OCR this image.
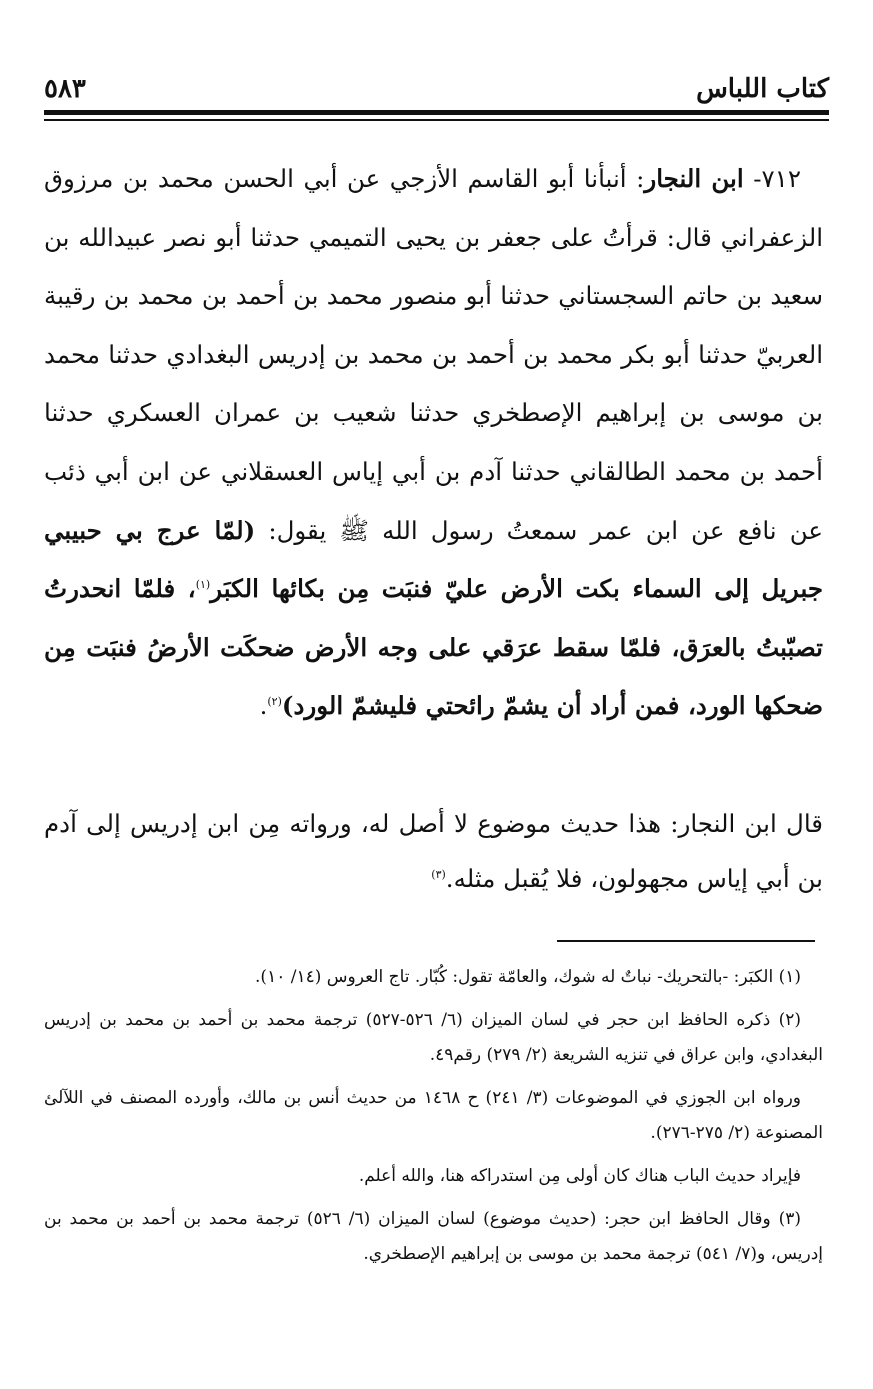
كتاب اللباس
٥٨٣

٧١٢- ابن النجار: أنبأنا أبو القاسم الأزجي عن أبي الحسن محمد بن مرزوق الزعفراني قال: قرأتُ على جعفر بن يحيى التميمي حدثنا أبو نصر عبيدالله بن سعيد بن حاتم السجستاني حدثنا أبو منصور محمد بن أحمد بن محمد بن رقيبة العربيّ حدثنا أبو بكر محمد بن أحمد بن محمد بن إدريس البغدادي حدثنا محمد بن موسى بن إبراهيم الإصطخري حدثنا شعيب بن عمران العسكري حدثنا أحمد بن محمد الطالقاني حدثنا آدم بن أبي إياس العسقلاني عن ابن أبي ذئب عن نافع عن ابن عمر سمعتُ رسول الله ﷺ يقول: (لمّا عرج بي حبيبي جبريل إلى السماء بكت الأرض عليّ فنبَت مِن بكائها الكبَر$^{(١)}$، فلمّا انحدرتُ تصبّبتُ بالعرَق، فلمّا سقط عرَقي على وجه الأرض ضحكَت الأرضُ فنبَت مِن ضحكها الورد، فمن أراد أن يشمّ رائحتي فليشمّ الورد)$^{(٢)}$.

قال ابن النجار: هذا حديث موضوع لا أصل له، ورواته مِن ابن إدريس إلى آدم بن أبي إياس مجهولون، فلا يُقبل مثله.$^{(٣)}$

(١) الكبَر: -بالتحريك- نباتٌ له شوك، والعامّة تقول: كُبّار. تاج العروس (١٤/ ١٠).

(٢) ذكره الحافظ ابن حجر في لسان الميزان (٦/ ٥٢٦-٥٢٧) ترجمة محمد بن أحمد بن محمد بن إدريس البغدادي، وابن عراق في تنزيه الشريعة (٢/ ٢٧٩) رقم٤٩.

ورواه ابن الجوزي في الموضوعات (٣/ ٢٤١) ح ١٤٦٨ من حديث أنس بن مالك، وأورده المصنف في اللآلئ المصنوعة (٢/ ٢٧٥-٢٧٦).

فإيراد حديث الباب هناك كان أولى مِن استدراكه هنا، والله أعلم.

(٣) وقال الحافظ ابن حجر: (حديث موضوع) لسان الميزان (٦/ ٥٢٦) ترجمة محمد بن أحمد بن محمد بن إدريس، و(٧/ ٥٤١) ترجمة محمد بن موسى بن إبراهيم الإصطخري.
